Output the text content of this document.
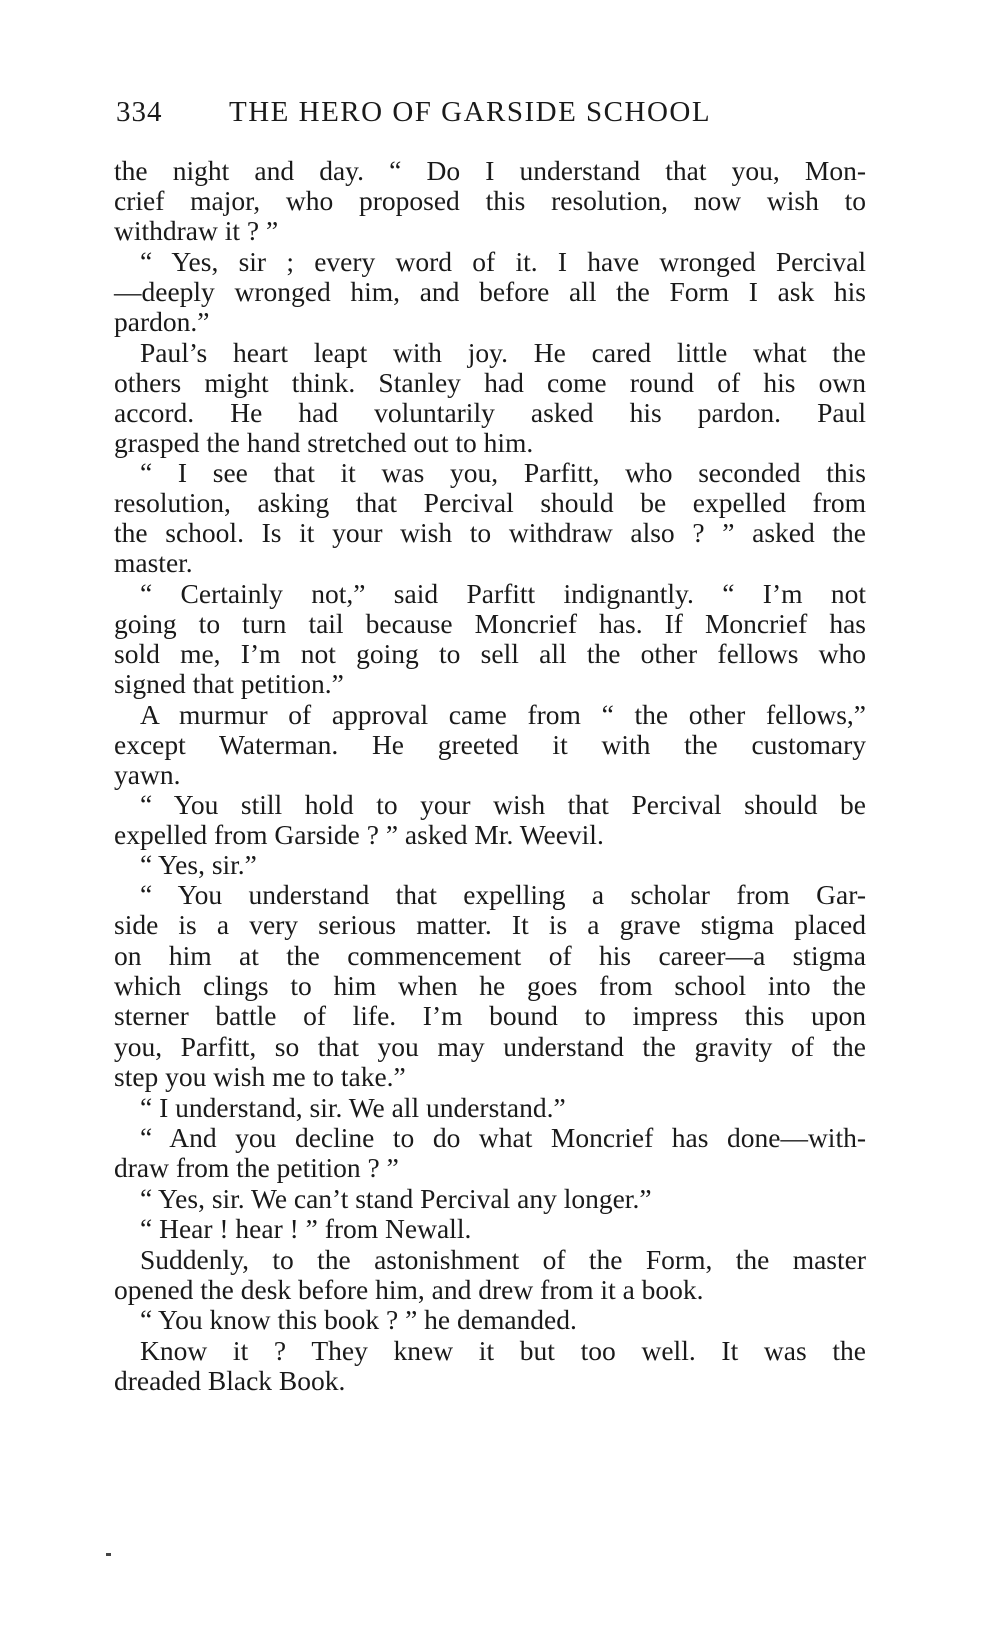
334 THE HERO OF GARSIDE SCHOOL
the night and day. “ Do I understand that you, Mon-
crief major, who proposed this resolution, now wish to
withdraw it ? ”
“ Yes, sir ; every word of it. I have wronged Percival
—deeply wronged him, and before all the Form I ask his
pardon.”
Paul’s heart leapt with joy. He cared little what the
others might think. Stanley had come round of his own
accord. He had voluntarily asked his pardon. Paul
grasped the hand stretched out to him.
“ I see that it was you, Parfitt, who seconded this
resolution, asking that Percival should be expelled from
the school. Is it your wish to withdraw also ? ” asked the
master.
“ Certainly not,” said Parfitt indignantly. “ I’m not
going to turn tail because Moncrief has. If Moncrief has
sold me, I’m not going to sell all the other fellows who
signed that petition.”
A murmur of approval came from “ the other fellows,”
except Waterman. He greeted it with the customary
yawn.
“ You still hold to your wish that Percival should be
expelled from Garside ? ” asked Mr. Weevil.
“ Yes, sir.”
“ You understand that expelling a scholar from Gar-
side is a very serious matter. It is a grave stigma placed
on him at the commencement of his career—a stigma
which clings to him when he goes from school into the
sterner battle of life. I’m bound to impress this upon
you, Parfitt, so that you may understand the gravity of the
step you wish me to take.”
“ I understand, sir. We all understand.”
“ And you decline to do what Moncrief has done—with-
draw from the petition ? ”
“ Yes, sir. We can’t stand Percival any longer.”
“ Hear ! hear ! ” from Newall.
Suddenly, to the astonishment of the Form, the master
opened the desk before him, and drew from it a book.
“ You know this book ? ” he demanded.
Know it ? They knew it but too well. It was the
dreaded Black Book.
